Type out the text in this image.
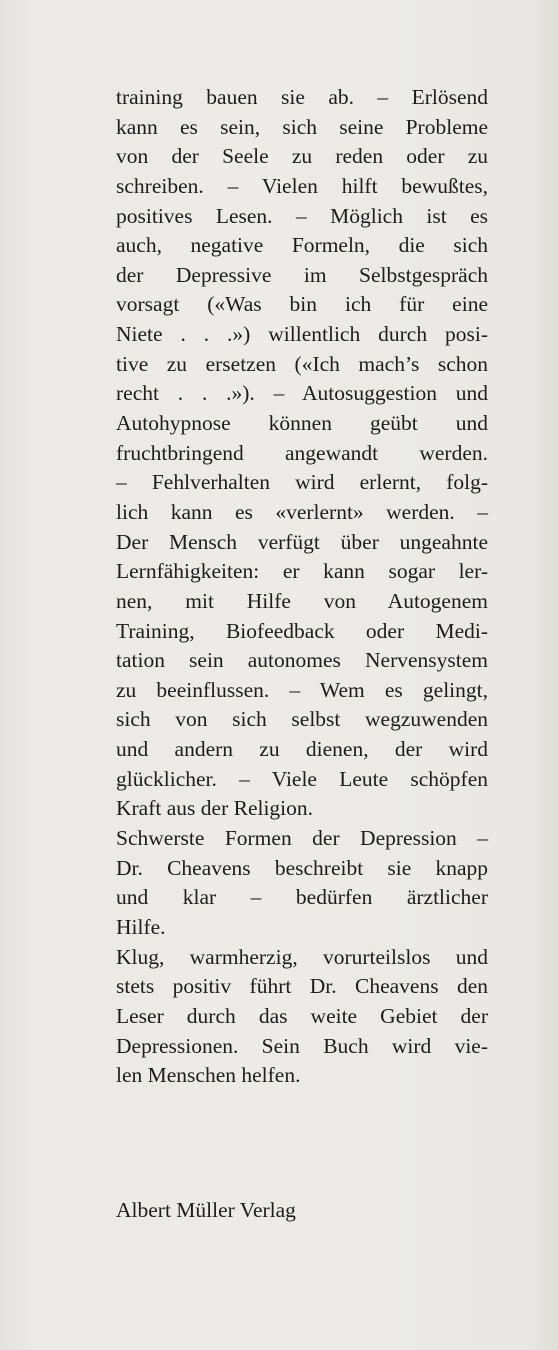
training bauen sie ab. – Erlösend
kann es sein, sich seine Probleme
von der Seele zu reden oder zu
schreiben. – Vielen hilft bewußtes,
positives Lesen. – Möglich ist es
auch, negative Formeln, die sich
der Depressive im Selbstgespräch
vorsagt («Was bin ich für eine
Niete . . .») willentlich durch posi-
tive zu ersetzen («Ich mach’s schon
recht . . .»). – Autosuggestion und
Autohypnose können geübt und
fruchtbringend angewandt werden.
– Fehlverhalten wird erlernt, folg-
lich kann es «verlernt» werden. –
Der Mensch verfügt über ungeahnte
Lernfähigkeiten: er kann sogar ler-
nen, mit Hilfe von Autogenem
Training, Biofeedback oder Medi-
tation sein autonomes Nervensystem
zu beeinflussen. – Wem es gelingt,
sich von sich selbst wegzuwenden
und andern zu dienen, der wird
glücklicher. – Viele Leute schöpfen
Kraft aus der Religion.
Schwerste Formen der Depression –
Dr. Cheavens beschreibt sie knapp
und klar – bedürfen ärztlicher
Hilfe.
Klug, warmherzig, vorurteilslos und
stets positiv führt Dr. Cheavens den
Leser durch das weite Gebiet der
Depressionen. Sein Buch wird vie-
len Menschen helfen.
Albert Müller Verlag
